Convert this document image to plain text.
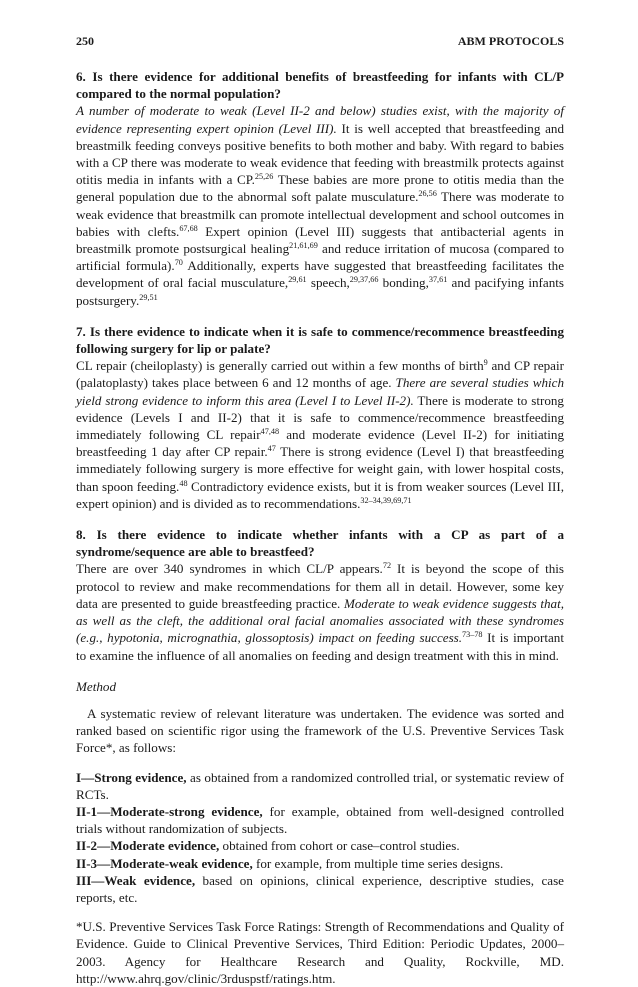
250	ABM PROTOCOLS

6. Is there evidence for additional benefits of breastfeeding for infants with CL/P compared to the normal population?

A number of moderate to weak (Level II-2 and below) studies exist, with the majority of evidence representing expert opinion (Level III). It is well accepted that breastfeeding and breastmilk feeding conveys positive benefits to both mother and baby. With regard to babies with a CP there was moderate to weak evidence that feeding with breastmilk protects against otitis media in infants with a CP.$^{25,26}$ These babies are more prone to otitis media than the general population due to the abnormal soft palate musculature.$^{26,56}$ There was moderate to weak evidence that breastmilk can promote intellectual development and school outcomes in babies with clefts.$^{67,68}$ Expert opinion (Level III) suggests that antibacterial agents in breastmilk promote postsurgical healing$^{21,61,69}$ and reduce irritation of mucosa (compared to artificial formula).$^{70}$ Additionally, experts have suggested that breastfeeding facilitates the development of oral facial musculature,$^{29,61}$ speech,$^{29,37,66}$ bonding,$^{37,61}$ and pacifying infants postsurgery.$^{29,51}$

7. Is there evidence to indicate when it is safe to commence/recommence breastfeeding following surgery for lip or palate?

CL repair (cheiloplasty) is generally carried out within a few months of birth$^9$ and CP repair (palatoplasty) takes place between 6 and 12 months of age. There are several studies which yield strong evidence to inform this area (Level I to Level II-2). There is moderate to strong evidence (Levels I and II-2) that it is safe to commence/recommence breastfeeding immediately following CL repair$^{47,48}$ and moderate evidence (Level II-2) for initiating breastfeeding 1 day after CP repair.$^{47}$ There is strong evidence (Level I) that breastfeeding immediately following surgery is more effective for weight gain, with lower hospital costs, than spoon feeding.$^{48}$ Contradictory evidence exists, but it is from weaker sources (Level III, expert opinion) and is divided as to recommendations.$^{32-34,39,69,71}$

8. Is there evidence to indicate whether infants with a CP as part of a syndrome/sequence are able to breastfeed?

There are over 340 syndromes in which CL/P appears.$^{72}$ It is beyond the scope of this protocol to review and make recommendations for them all in detail. However, some key data are presented to guide breastfeeding practice. Moderate to weak evidence suggests that, as well as the cleft, the additional oral facial anomalies associated with these syndromes (e.g., hypotonia, micrognathia, glossoptosis) impact on feeding success.$^{73-78}$ It is important to examine the influence of all anomalies on feeding and design treatment with this in mind.

Method

A systematic review of relevant literature was undertaken. The evidence was sorted and ranked based on scientific rigor using the framework of the U.S. Preventive Services Task Force*, as follows:

I—Strong evidence, as obtained from a randomized controlled trial, or systematic review of RCTs.

II-1—Moderate-strong evidence, for example, obtained from well-designed controlled trials without randomization of subjects.

II-2—Moderate evidence, obtained from cohort or case–control studies.

II-3—Moderate-weak evidence, for example, from multiple time series designs.

III—Weak evidence, based on opinions, clinical experience, descriptive studies, case reports, etc.

*U.S. Preventive Services Task Force Ratings: Strength of Recommendations and Quality of Evidence. Guide to Clinical Preventive Services, Third Edition: Periodic Updates, 2000–2003. Agency for Healthcare Research and Quality, Rockville, MD. http://www.ahrq.gov/clinic/3rduspstf/ratings.htm.
